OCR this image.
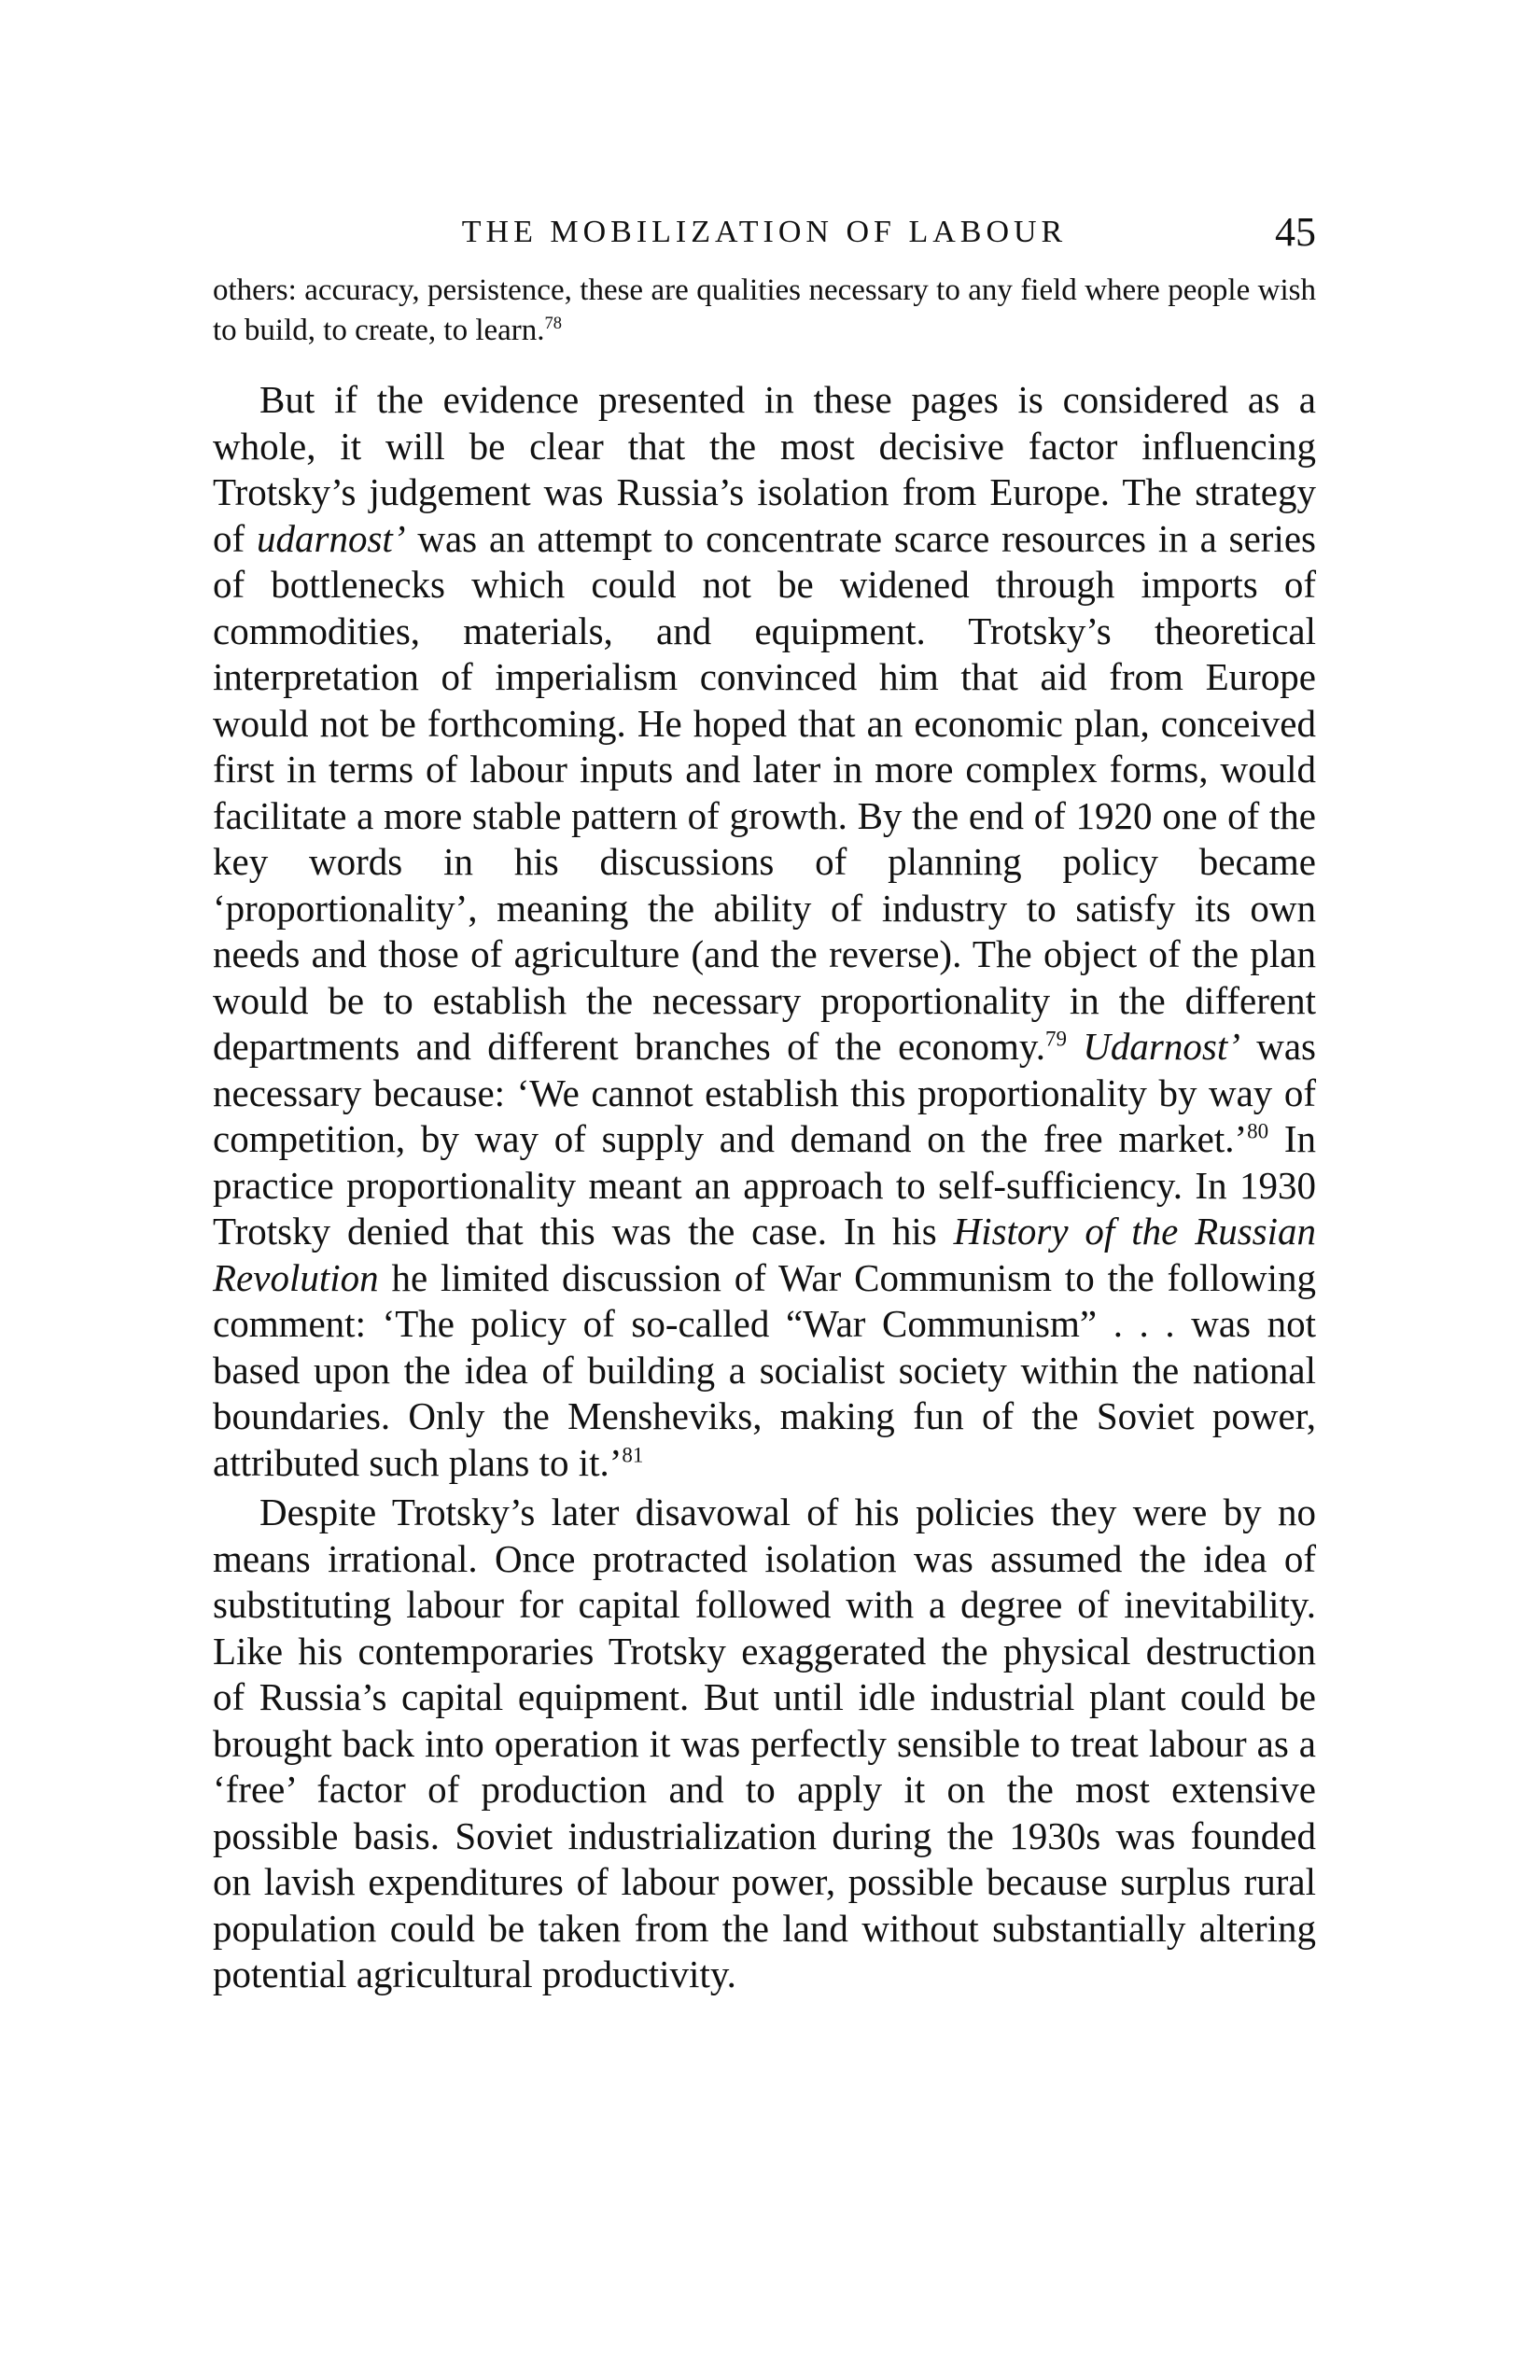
THE MOBILIZATION OF LABOUR	45

others: accuracy, persistence, these are qualities necessary to any field where people wish to build, to create, to learn.$^{78}$

But if the evidence presented in these pages is considered as a whole, it will be clear that the most decisive factor influencing Trotsky’s judgement was Russia’s isolation from Europe. The strategy of udarnost’ was an attempt to concentrate scarce resources in a series of bottlenecks which could not be widened through imports of commodities, materials, and equipment. Trotsky’s theoretical interpretation of imperialism convinced him that aid from Europe would not be forthcoming. He hoped that an economic plan, conceived first in terms of labour inputs and later in more complex forms, would facilitate a more stable pattern of growth. By the end of 1920 one of the key words in his discussions of planning policy became ‘proportionality’, meaning the ability of industry to satisfy its own needs and those of agriculture (and the reverse). The object of the plan would be to establish the necessary proportionality in the different departments and different branches of the economy.$^{79}$ Udarnost’ was necessary because: ‘We cannot establish this proportionality by way of competition, by way of supply and demand on the free market.’$^{80}$ In practice proportionality meant an approach to self-sufficiency. In 1930 Trotsky denied that this was the case. In his History of the Russian Revolution he limited discussion of War Communism to the following comment: ‘The policy of so-called “War Communism” . . . was not based upon the idea of building a socialist society within the national boundaries. Only the Mensheviks, making fun of the Soviet power, attributed such plans to it.’$^{81}$

Despite Trotsky’s later disavowal of his policies they were by no means irrational. Once protracted isolation was assumed the idea of substituting labour for capital followed with a degree of inevitability. Like his contemporaries Trotsky exaggerated the physical destruction of Russia’s capital equipment. But until idle industrial plant could be brought back into operation it was perfectly sensible to treat labour as a ‘free’ factor of production and to apply it on the most extensive possible basis. Soviet industrialization during the 1930s was founded on lavish expenditures of labour power, possible because surplus rural population could be taken from the land without substantially altering potential agricultural productivity.
